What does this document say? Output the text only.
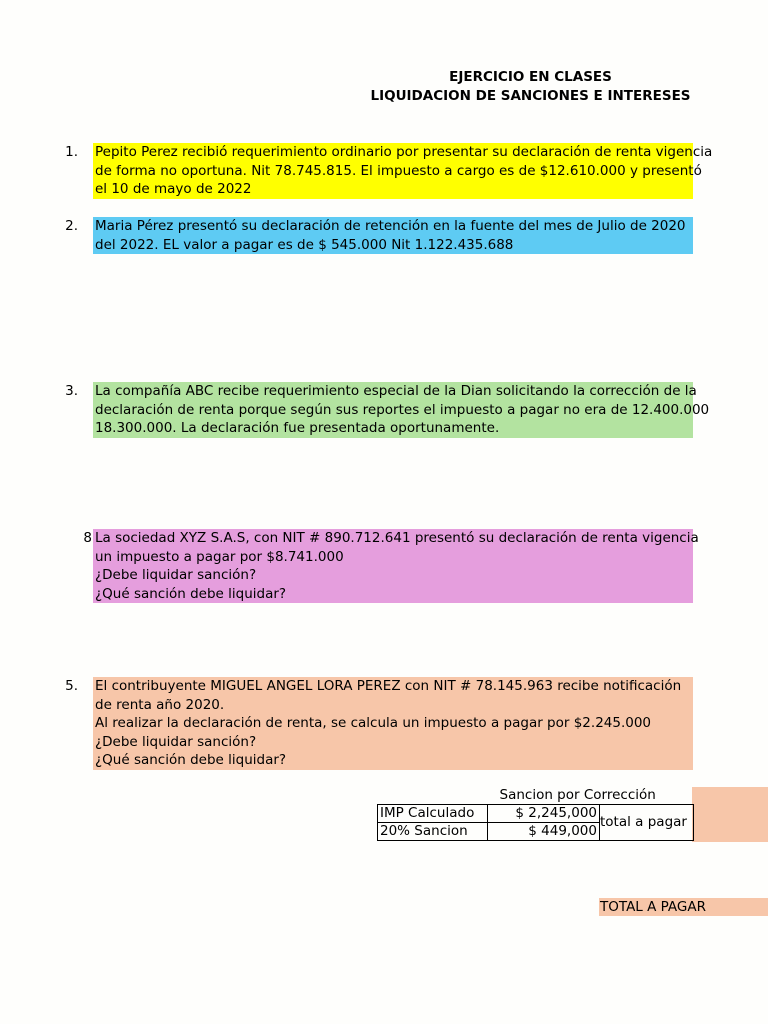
EJERCICIO EN CLASES
LIQUIDACION DE SANCIONES E INTERESES
1. Pepito Perez recibió requerimiento ordinario por presentar su declaración de renta vigencia
de forma no oportuna. Nit 78.745.815. El impuesto a cargo es de $12.610.000 y presentó
el 10 de mayo de 2022
2. Maria Pérez presentó su declaración de retención en la fuente del mes de Julio de 2020
del 2022. EL valor a pagar es de $ 545.000 Nit 1.122.435.688
3. La compañía ABC recibe requerimiento especial de la Dian solicitando la corrección de la
declaración de renta porque según sus reportes el impuesto a pagar no era de 12.400.000
18.300.000. La declaración fue presentada oportunamente.
8 La sociedad XYZ S.A.S, con NIT # 890.712.641 presentó su declaración de renta vigencia
un impuesto a pagar por $8.741.000
¿Debe liquidar sanción?
¿Qué sanción debe liquidar?
5. El contribuyente MIGUEL ANGEL LORA PEREZ con NIT # 78.145.963 recibe notificación
de renta año 2020.
Al realizar la declaración de renta, se calcula un impuesto a pagar por $2.245.000
¿Debe liquidar sanción?
¿Qué sanción debe liquidar?
	Sancion por Corrección	
IMP Calculado	$ 2,245,000	total a pagar
20% Sancion	$ 449,000	
TOTAL A PAGAR
